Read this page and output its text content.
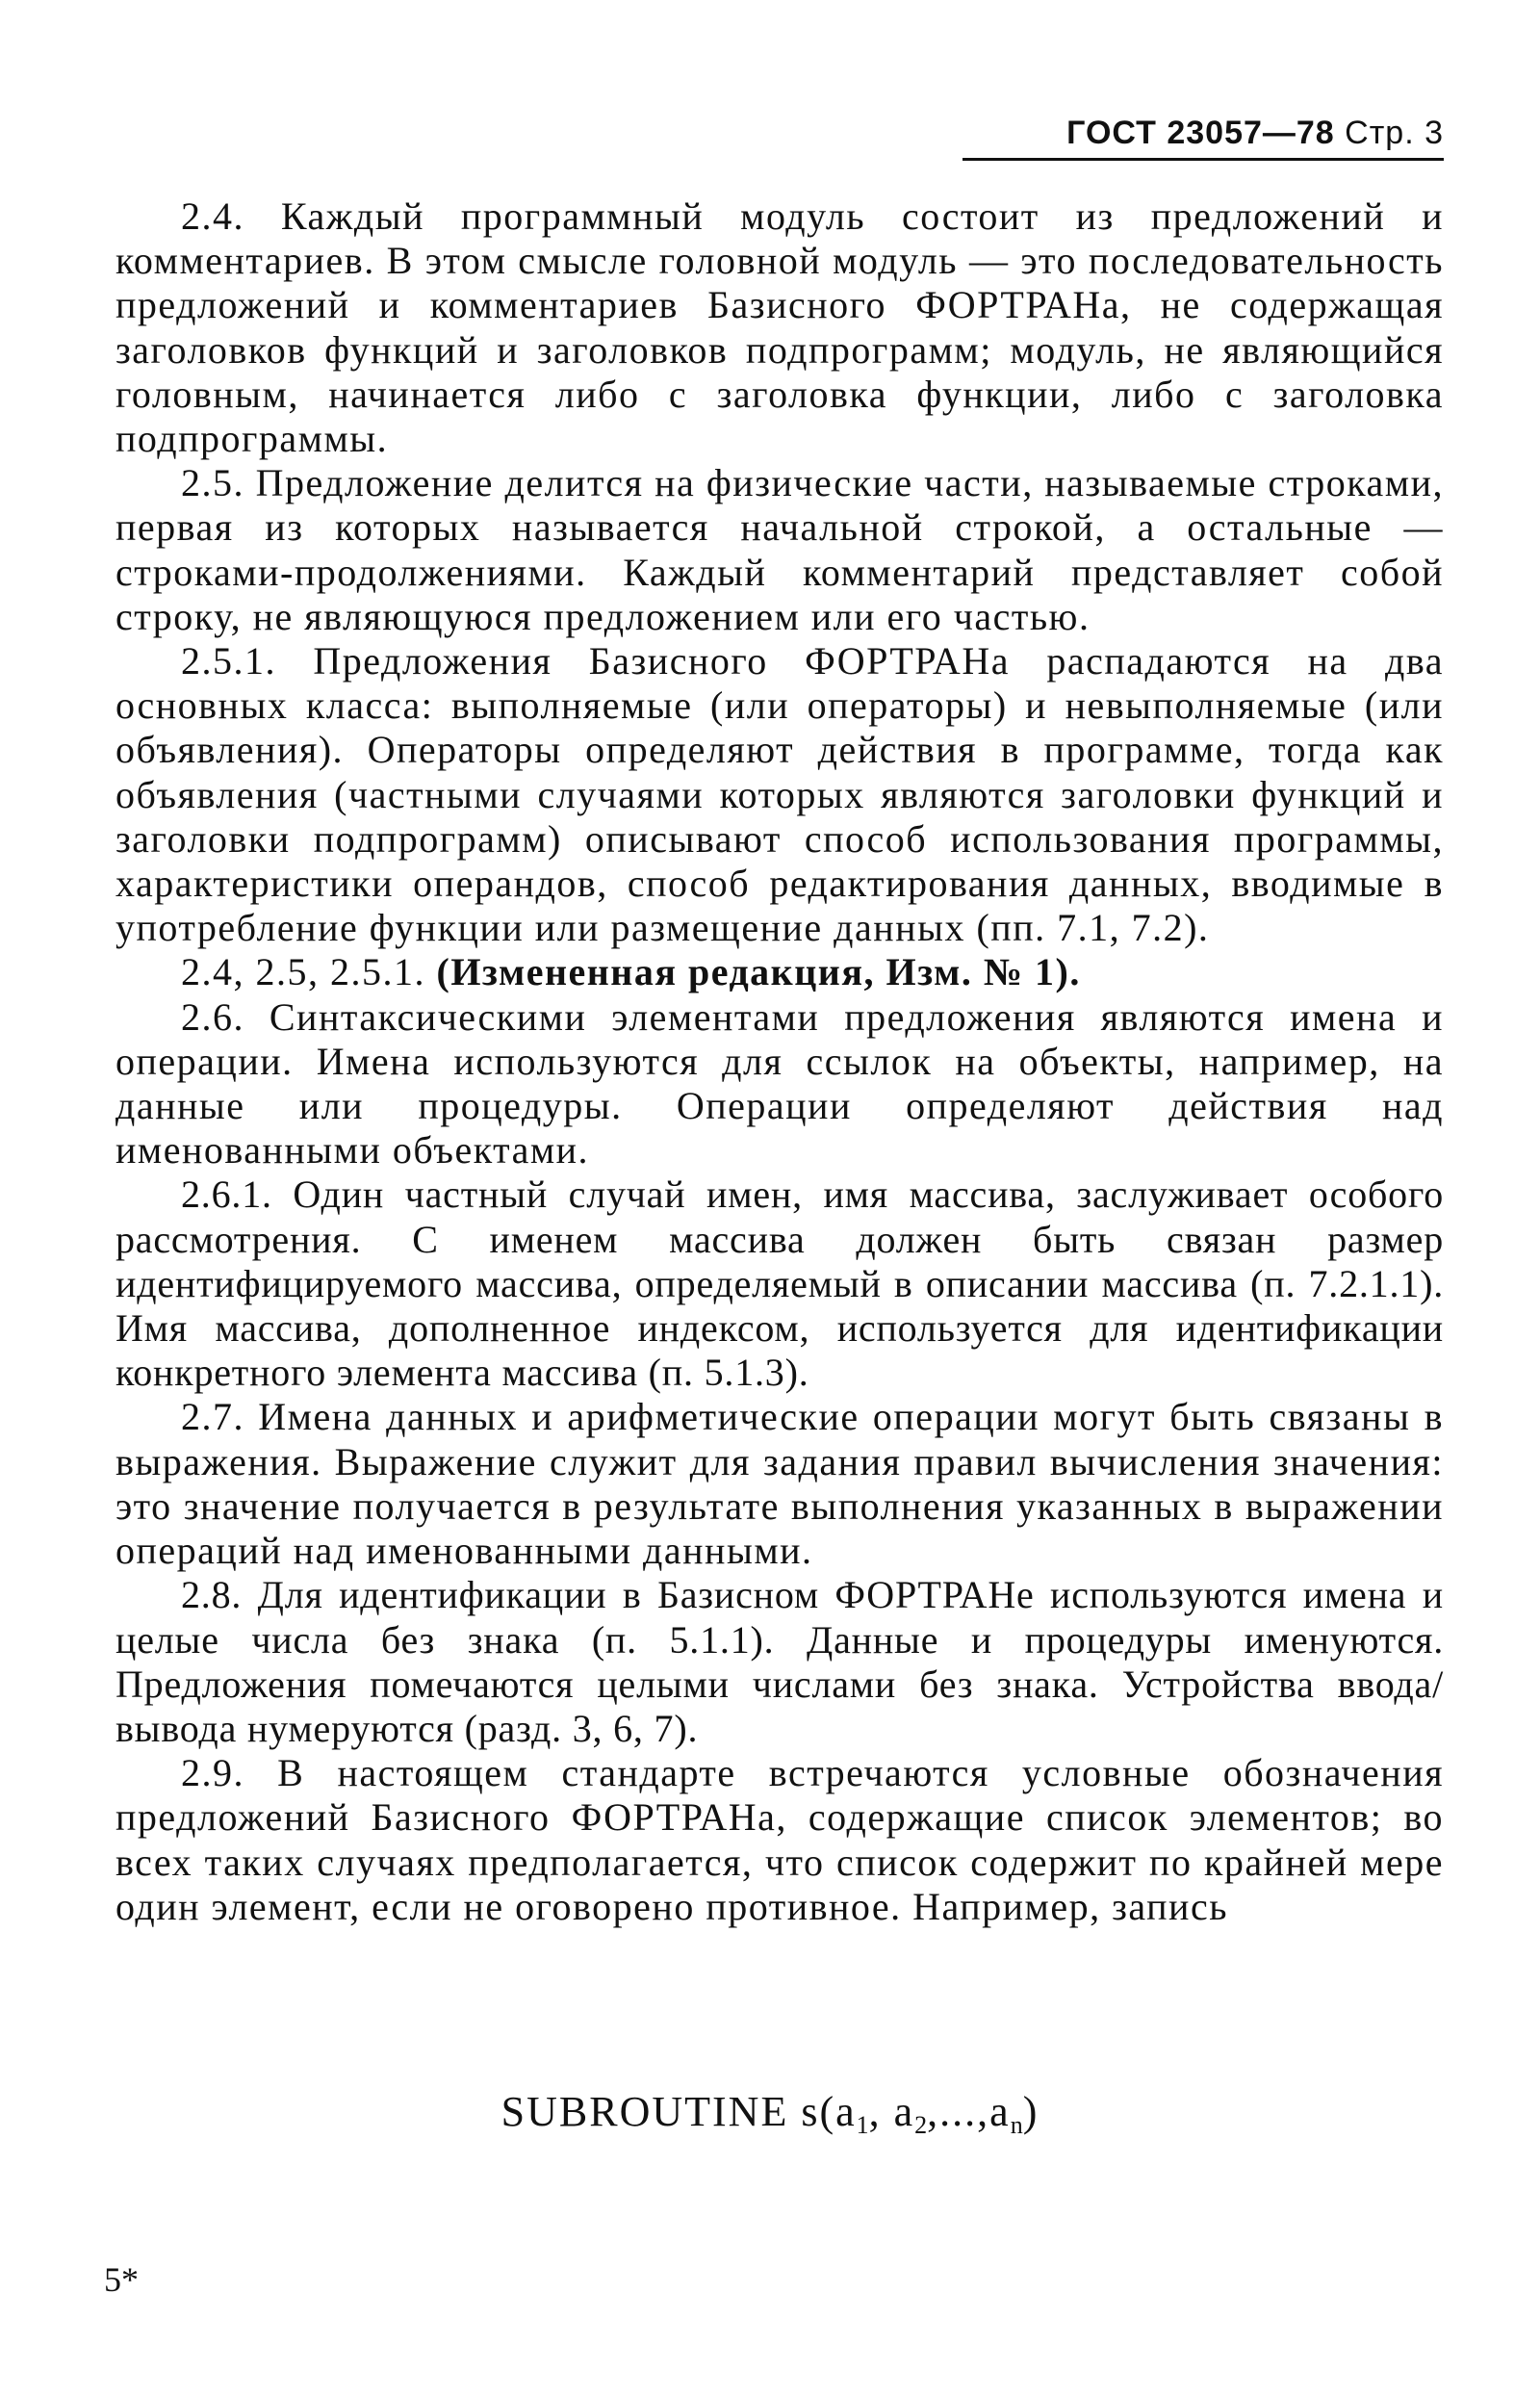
ГОСТ 23057—78 Стр. 3

2.4. Каждый программный модуль состоит из предложений и комментариев. В этом смысле головной модуль — это последовательность предложений и комментариев Базисного ФОРТРАНа, не содержащая заголовков функций и заголовков подпрограмм; модуль, не являющийся головным, начинается либо с заголовка функции, либо с заголовка подпрограммы.

2.5. Предложение делится на физические части, называемые строками, первая из которых называется начальной строкой, а остальные — строками-продолжениями. Каждый комментарий представляет собой строку, не являющуюся предложением или его частью.

2.5.1. Предложения Базисного ФОРТРАНа распадаются на два основных класса: выполняемые (или операторы) и невыполняемые (или объявления). Операторы определяют действия в программе, тогда как объявления (частными случаями которых являются заголовки функций и заголовки подпрограмм) описывают способ использования программы, характеристики операндов, способ редактирования данных, вводимые в употребление функции или размещение данных (пп. 7.1, 7.2).

2.4, 2.5, 2.5.1. (Измененная редакция, Изм. № 1).

2.6. Синтаксическими элементами предложения являются имена и операции. Имена используются для ссылок на объекты, например, на данные или процедуры. Операции определяют действия над именованными объектами.

2.6.1. Один частный случай имен, имя массива, заслуживает особого рассмотрения. С именем массива должен быть связан размер идентифицируемого массива, определяемый в описании массива (п. 7.2.1.1). Имя массива, дополненное индексом, используется для идентификации конкретного элемента массива (п. 5.1.3).

2.7. Имена данных и арифметические операции могут быть связаны в выражения. Выражение служит для задания правил вычисления значения: это значение получается в результате выполнения указанных в выражении операций над именованными данными.

2.8. Для идентификации в Базисном ФОРТРАНе используются имена и целые числа без знака (п. 5.1.1). Данные и процедуры именуются. Предложения помечаются целыми числами без знака. Устройства ввода/вывода нумеруются (разд. 3, 6, 7).

2.9. В настоящем стандарте встречаются условные обозначения предложений Базисного ФОРТРАНа, содержащие список элементов; во всех таких случаях предполагается, что список содержит по крайней мере один элемент, если не оговорено противное. Например, запись

SUBROUTINE $s(a_1$, $a_2,...,a_n$)
5*
